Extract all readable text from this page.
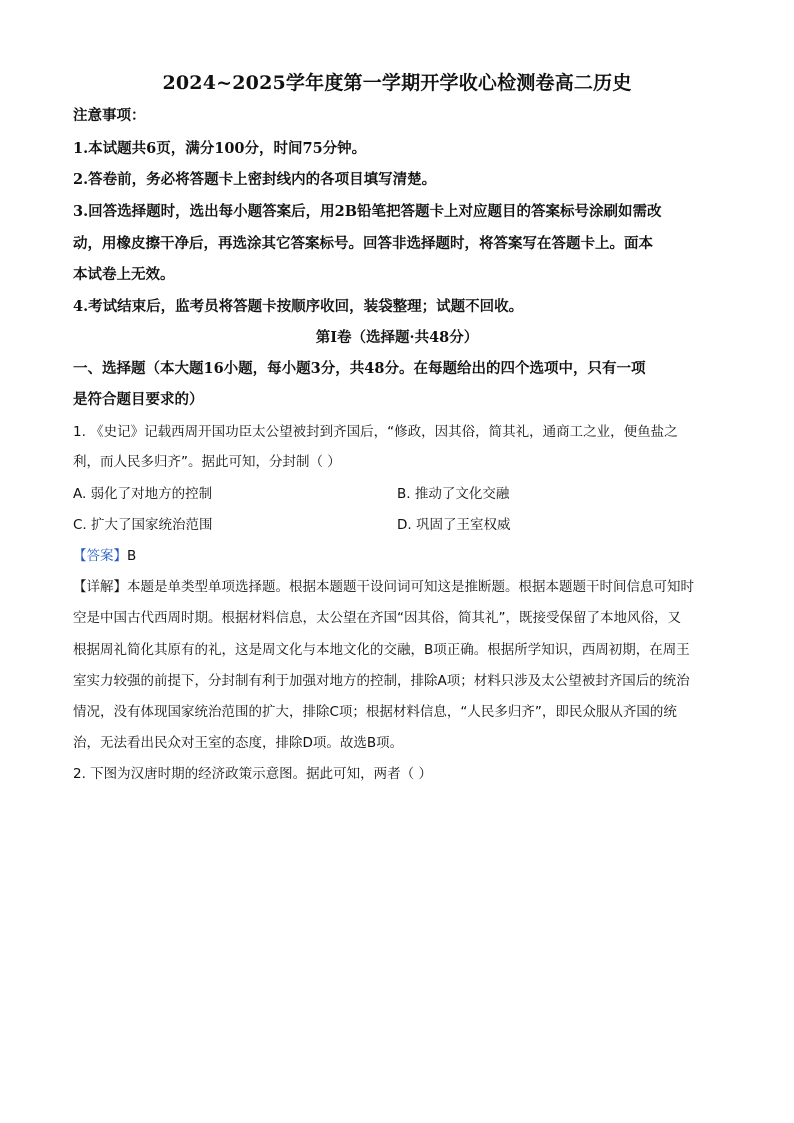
2024~2025学年度第一学期开学收心检测卷高二历史
注意事项：
1.本试题共6页，满分100分，时间75分钟。
2.答卷前，务必将答题卡上密封线内的各项目填写清楚。
3.回答选择题时，选出每小题答案后，用2B铅笔把答题卡上对应题目的答案标号涂刷如需改
动，用橡皮擦干净后，再选涂其它答案标号。回答非选择题时，将答案写在答题卡上。面本
本试卷上无效。
4.考试结束后，监考员将答题卡按顺序收回，装袋整理；试题不回收。
第Ⅰ卷（选择题·共48分）
一、选择题（本大题16小题，每小题3分，共48分。在每题给出的四个选项中，只有一项
是符合题目要求的）
1. 《史记》记载西周开国功臣太公望被封到齐国后，“修政，因其俗，简其礼，通商工之业，便鱼盐之
利，而人民多归齐”。据此可知，分封制（ ）
A. 弱化了对地方的控制	B. 推动了文化交融
C. 扩大了国家统治范围	D. 巩固了王室权威
【答案】B
【详解】本题是单类型单项选择题。根据本题题干设问词可知这是推断题。根据本题题干时间信息可知时
空是中国古代西周时期。根据材料信息，太公望在齐国“因其俗，简其礼”，既接受保留了本地风俗，又
根据周礼简化其原有的礼，这是周文化与本地文化的交融，B项正确。根据所学知识，西周初期，在周王
室实力较强的前提下，分封制有利于加强对地方的控制，排除A项；材料只涉及太公望被封齐国后的统治
情况，没有体现国家统治范围的扩大，排除C项；根据材料信息，“人民多归齐”，即民众服从齐国的统
治，无法看出民众对王室的态度，排除D项。故选B项。
2. 下图为汉唐时期的经济政策示意图。据此可知，两者（ ）
